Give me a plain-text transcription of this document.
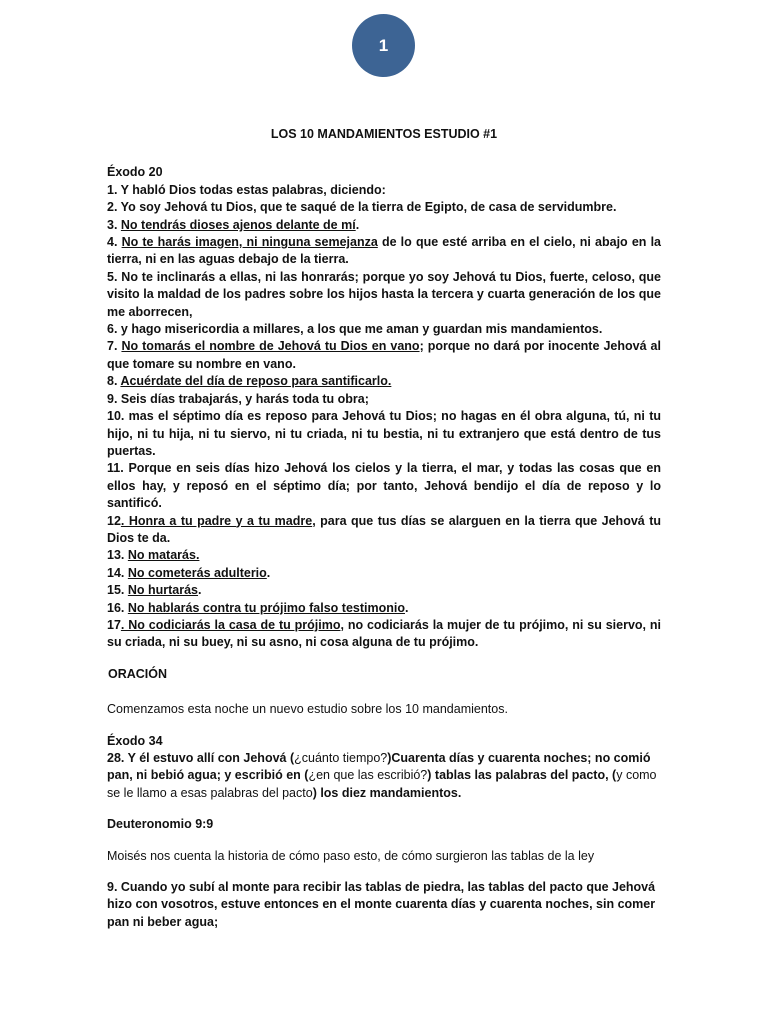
1

LOS 10 MANDAMIENTOS ESTUDIO #1

Éxodo 20

1. Y habló Dios todas estas palabras, diciendo:

2. Yo soy Jehová tu Dios, que te saqué de la tierra de Egipto, de casa de servidumbre.

3. No tendrás dioses ajenos delante de mí.

4. No te harás imagen, ni ninguna semejanza de lo que esté arriba en el cielo, ni abajo en la tierra, ni en las aguas debajo de la tierra.

5. No te inclinarás a ellas, ni las honrarás; porque yo soy Jehová tu Dios, fuerte, celoso, que visito la maldad de los padres sobre los hijos hasta la tercera y cuarta generación de los que me aborrecen,

6. y hago misericordia a millares, a los que me aman y guardan mis mandamientos.

7. No tomarás el nombre de Jehová tu Dios en vano; porque no dará por inocente Jehová al que tomare su nombre en vano.

8. Acuérdate del día de reposo para santificarlo.

9. Seis días trabajarás, y harás toda tu obra;

10. mas el séptimo día es reposo para Jehová tu Dios; no hagas en él obra alguna, tú, ni tu hijo, ni tu hija, ni tu siervo, ni tu criada, ni tu bestia, ni tu extranjero que está dentro de tus puertas.

11. Porque en seis días hizo Jehová los cielos y la tierra, el mar, y todas las cosas que en ellos hay, y reposó en el séptimo día; por tanto, Jehová bendijo el día de reposo y lo santificó.

12. Honra a tu padre y a tu madre, para que tus días se alarguen en la tierra que Jehová tu Dios te da.

13. No matarás.

14. No cometerás adulterio.

15. No hurtarás.

16. No hablarás contra tu prójimo falso testimonio.

17. No codiciarás la casa de tu prójimo, no codiciarás la mujer de tu prójimo, ni su siervo, ni su criada, ni su buey, ni su asno, ni cosa alguna de tu prójimo.

ORACIÓN

Comenzamos esta noche un nuevo estudio sobre los 10 mandamientos.

Éxodo 34

28. Y él estuvo allí con Jehová (¿cuánto tiempo?)Cuarenta días y cuarenta noches; no comió pan, ni bebió agua; y escribió en (¿en que las escribió?) tablas las palabras del pacto, (y como se le llamo a esas palabras del pacto) los diez mandamientos.

Deuteronomio 9:9

Moisés nos cuenta la historia de cómo paso esto, de cómo surgieron las tablas de la ley

9. Cuando yo subí al monte para recibir las tablas de piedra, las tablas del pacto que Jehová hizo con vosotros, estuve entonces en el monte cuarenta días y cuarenta noches, sin comer pan ni beber agua;
